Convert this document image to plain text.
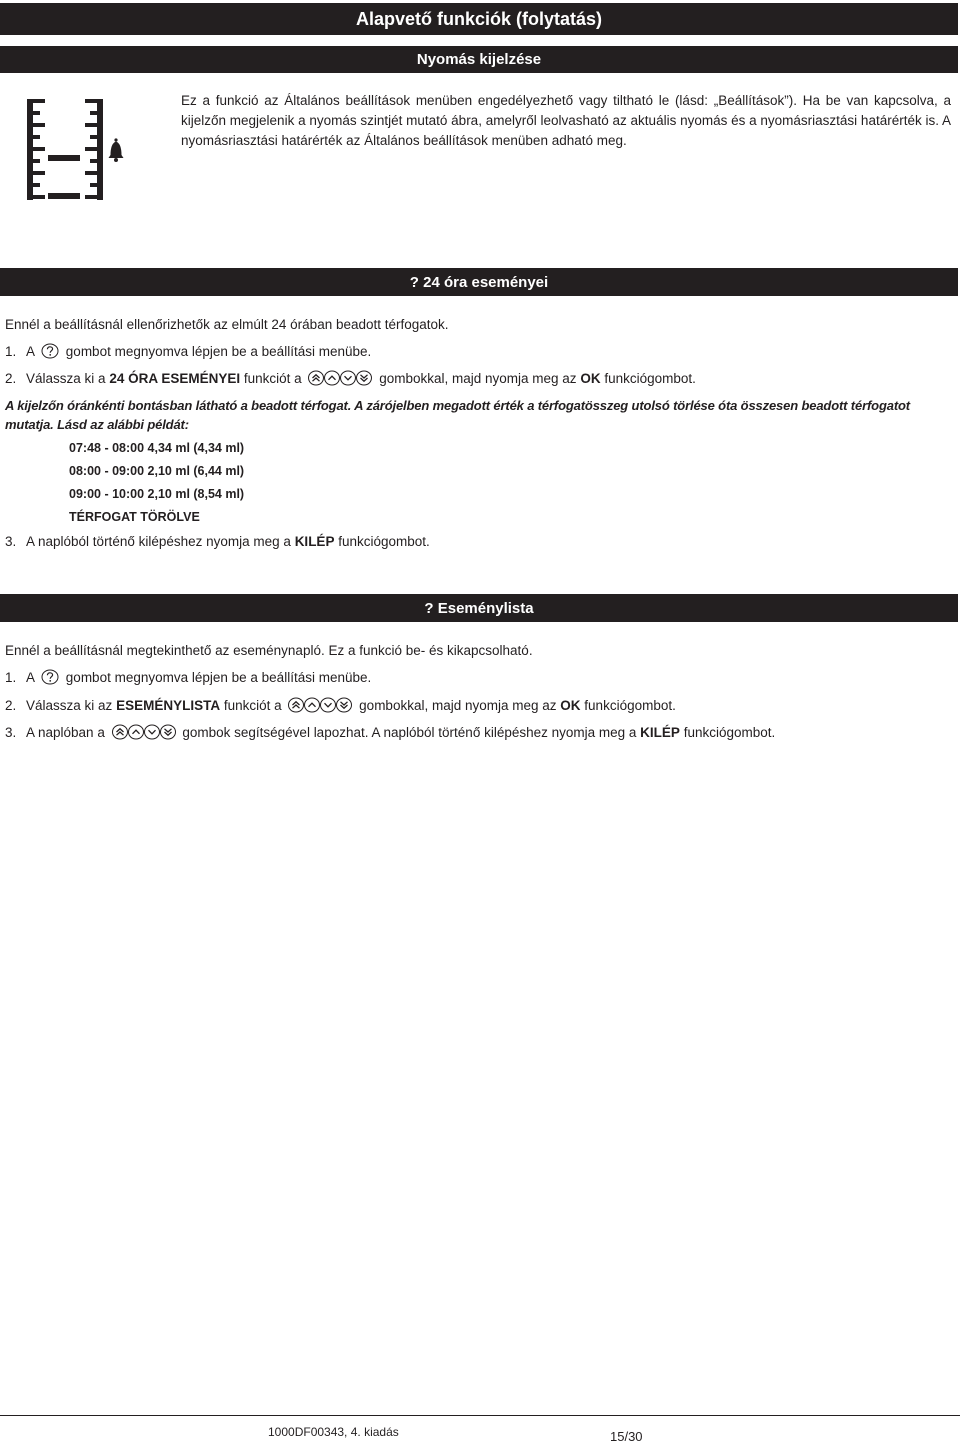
Alapvető funkciók (folytatás)
Nyomás kijelzése
Ez a funkció az Általános beállítások menüben engedélyezhető vagy tiltható le (lásd: „Beállítások”). Ha be van kapcsolva, a kijelzőn megjelenik a nyomás szintjét mutató ábra, amelyről leolvasható az aktuális nyomás és a nyomásriasztási határérték is. A nyomásriasztási határérték az Általános beállítások menüben adható meg.
? 24 óra eseményei
Ennél a beállításnál ellenőrizhetők az elmúlt 24 órában beadott térfogatok.
1. A gombot megnyomva lépjen be a beállítási menübe.
2. Válassza ki a 24 ÓRA ESEMÉNYEI funkciót a	gombokkal, majd nyomja meg az OK funkciógombot.
A kijelzőn óránkénti bontásban látható a beadott térfogat. A zárójelben megadott érték a térfogatösszeg utolsó törlése óta összesen beadott térfogatot mutatja. Lásd az alábbi példát:
07:48 - 08:00 4,34 ml (4,34 ml)
08:00 - 09:00 2,10 ml (6,44 ml)
09:00 - 10:00 2,10 ml (8,54 ml)
TÉRFOGAT TÖRÖLVE
3. A naplóból történő kilépéshez nyomja meg a KILÉP funkciógombot.
? Eseménylista
Ennél a beállításnál megtekinthető az eseménynapló. Ez a funkció be- és kikapcsolható.
1. A gombot megnyomva lépjen be a beállítási menübe.
2. Válassza ki az ESEMÉNYLISTA funkciót a	gombokkal, majd nyomja meg az OK funkciógombot.
3. A naplóban a	gombok segítségével lapozhat. A naplóból történő kilépéshez nyomja meg a KILÉP funkciógombot.
1000DF00343, 4. kiadás	15/30
